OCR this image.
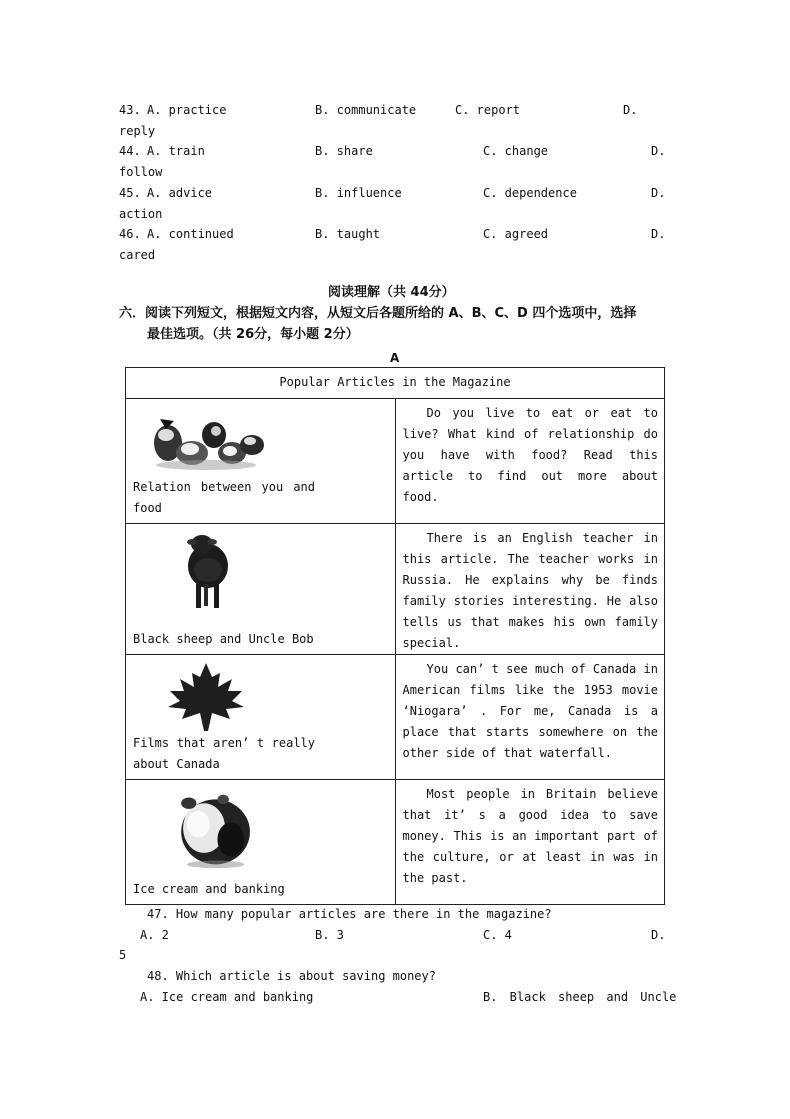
43. A. practice	B. communicate	C. report	D.
reply
44. A. train	B. share	C. change	D.
follow
45. A. advice	B. influence	C. dependence	D.
action
46. A. continued	B. taught	C. agreed	D.
cared
阅读理解（共 44分）
六．阅读下列短文，根据短文内容，从短文后各题所给的 A、B、C、D 四个选项中，选择
最佳选项。（共 26分，每小题 2分）
A
Popular Articles in the Magazine	

Relation between you and food	Do you live to eat or eat to live? What kind of relationship do you have with food? Read this article to find out more about food.

Black sheep and Uncle Bob	There is an English teacher in this article. The teacher works in Russia. He explains why be finds family stories interesting. He also tells us that makes his own family special.

Films that aren’ t really about Canada	You can’ t see much of Canada in American films like the 1953 movie ‘Niogara’ . For me, Canada is a place that starts somewhere on the other side of that waterfall.

Ice cream and banking	Most people in Britain believe that it’ s a good idea to save money. This is an important part of the culture, or at least in was in the past.
47. How many popular articles are there in the magazine?
A. 2	B. 3	C. 4	D.
5
48. Which article is about saving money?
A. Ice cream and banking	B. Black sheep and Uncle
